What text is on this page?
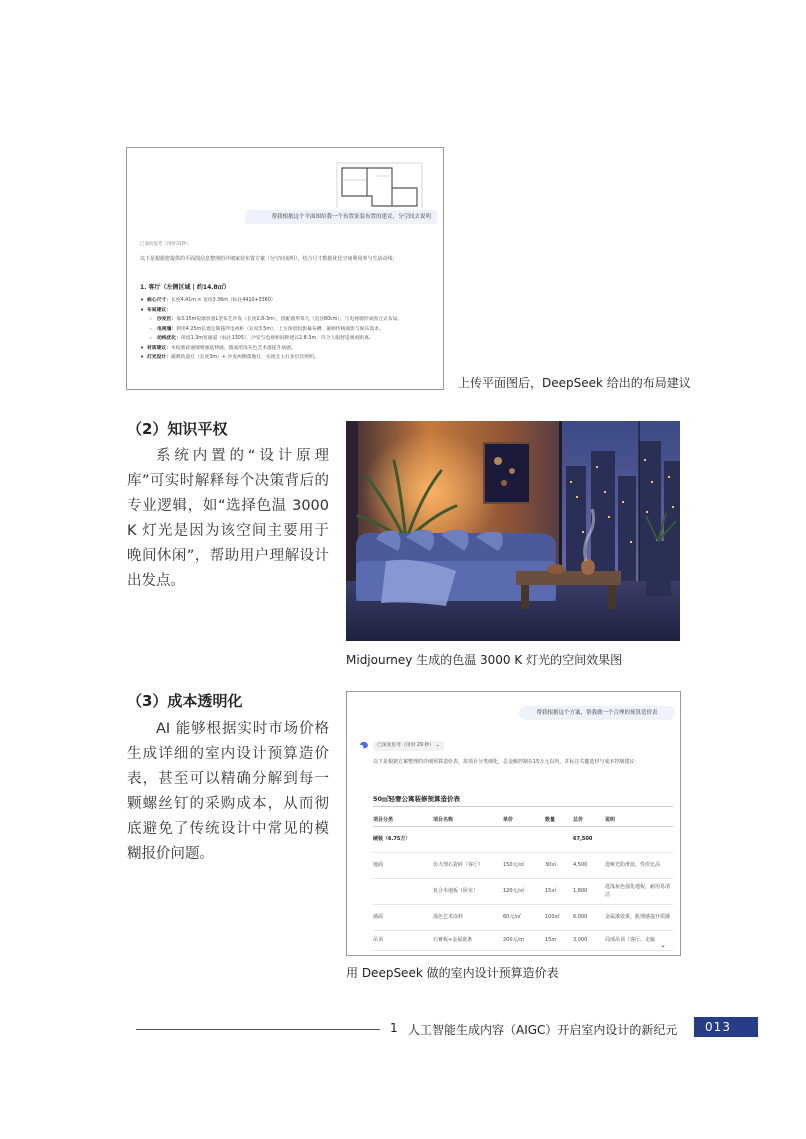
帮我根据这个平面图给我一个布置家装布置的建议，分空间去说明
已深度思考（用时31秒）
以下是根据您提供的平面图信息整理的详细家装布置方案（分空间说明），结合尺寸数据优化空间利用率与生活动线：
1. 客厅（左侧区域 | 约14.8㎡）
• 核心尺寸：长度4.41m × 宽度3.36m（标注4410+3360）
• 布局建议：
◦ 沙发区：靠3.15m短墙放置L型布艺沙发（长度2.8-3m），搭配圆形茶几（直径80cm），与电视墙形成围合式布局。
◦ 电视墙：利用4.25m长墙定制悬浮电视柜（长度3.5m），上方预留投影幕布槽，兼顾传统观影与娱乐需求。
◦ 动线优化：保留1.3m宽通道（标注1305），沙发与电视柜间距建议2.8-3m，符合人眼舒适观看距离。
• 材质建议：木纹地砖通铺增强延伸感，墙面用浅灰色艺术漆提升质感。
• 灯光设计：磁吸轨道灯（长度3m）+ 沙发两侧落地灯，实现无主灯多层次照明。
上传平面图后，DeepSeek 给出的布局建议
（2）知识平权

系统内置的“设计原理库”可实时解释每个决策背后的专业逻辑，如“选择色温 3000 K 灯光是因为该空间主要用于晚间休闲”，帮助用户理解设计出发点。

Midjourney 生成的色温 3000 K 灯光的空间效果图
（3）成本透明化

AI 能够根据实时市场价格生成详细的室内设计预算造价表，甚至可以精确分解到每一颗螺丝钉的采购成本，从而彻底避免了传统设计中常见的模糊报价问题。

帮我根据这个方案，帮我做一个合理的预算造价表
已深度思考（用时 29 秒） ⌄
以下是根据方案整理的详细预算造价表，按项目分类细化，总金额控制在15万元以内，并标注关键选材与成本控制建议：
50㎡轻奢公寓装修预算造价表
项目分类	项目名称	单价	数量	总价	说明
硬装（6.75万）				67,500	
地面	仿大理石瓷砖（客厅）	150元/㎡	30㎡	4,500	选哑光防滑款，性价比高
	复合木地板（卧室）	120元/㎡	15㎡	1,800	选浅灰色强化地板，耐用易清洁
墙面	浅色艺术涂料	60元/㎡	100㎡	6,000	金属漆效果，肌理感提升质感
吊顶	石膏板+金属嵌条	200元/m	15m	3,000	局部吊顶（客厅、走廊
⌄
用 DeepSeek 做的室内设计预算造价表
1 人工智能生成内容（AIGC）开启室内设计的新纪元	013
